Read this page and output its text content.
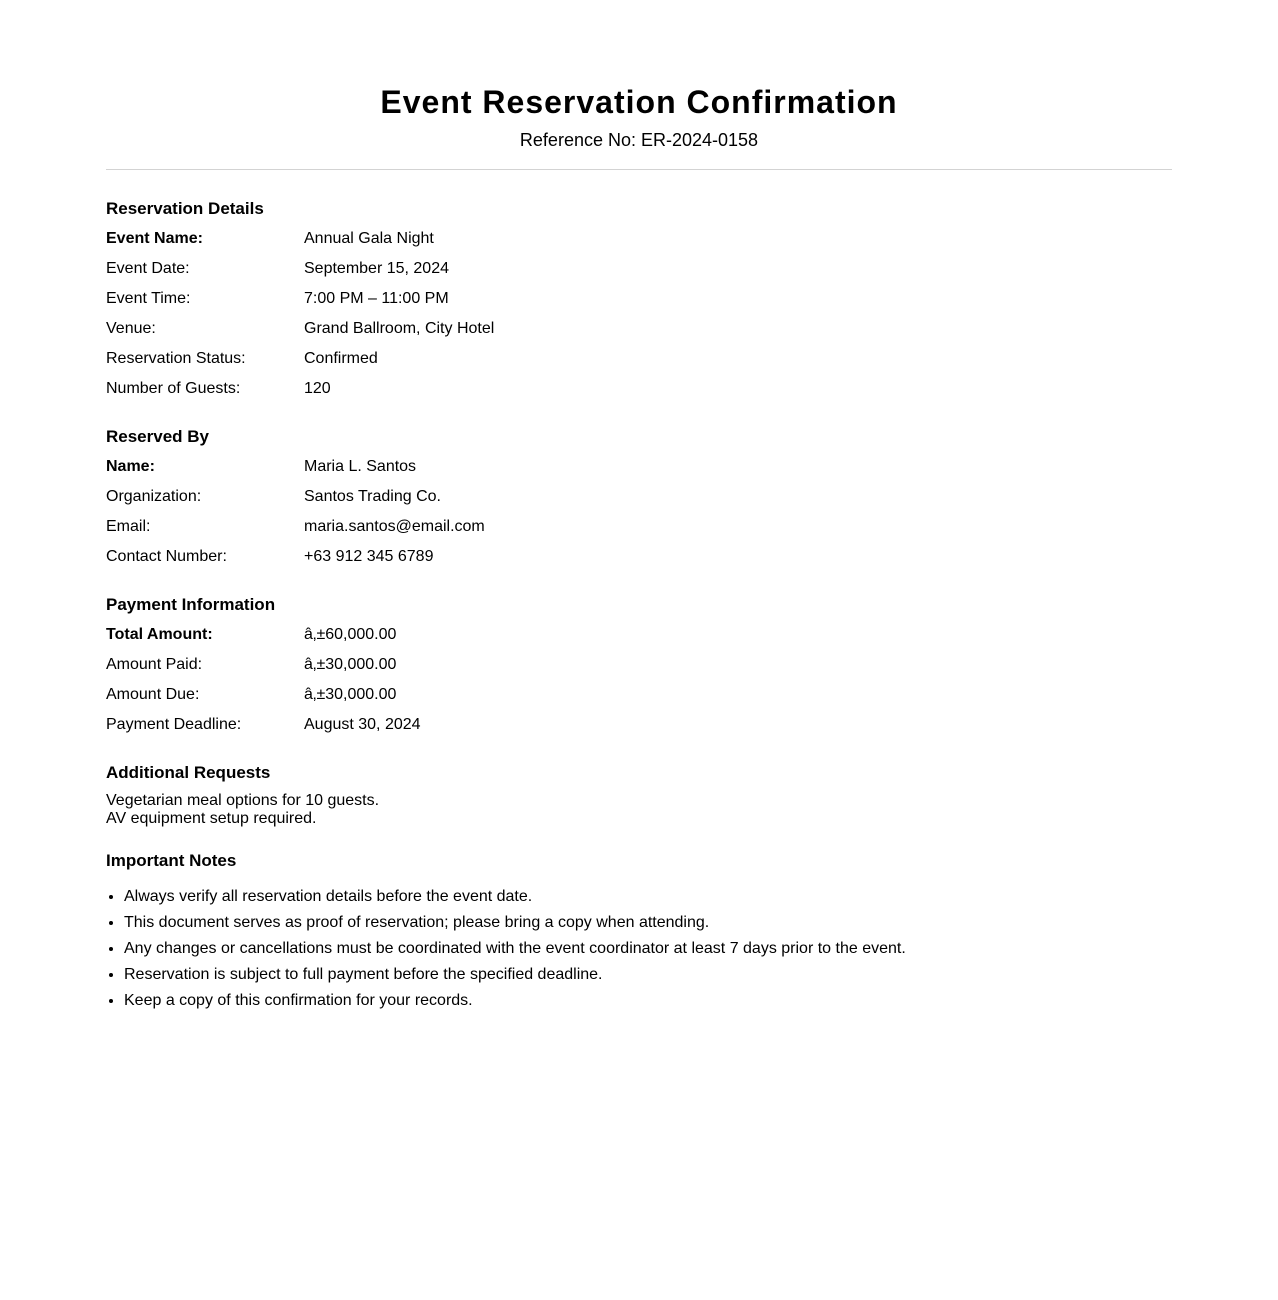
Event Reservation Confirmation
Reference No: ER-2024-0158
Reservation Details
Event Name:	Annual Gala Night
Event Date:	September 15, 2024
Event Time:	7:00 PM – 11:00 PM
Venue:	Grand Ballroom, City Hotel
Reservation Status:	Confirmed
Number of Guests:	120
Reserved By
Name:	Maria L. Santos
Organization:	Santos Trading Co.
Email:	maria.santos@email.com
Contact Number:	+63 912 345 6789
Payment Information
Total Amount:	â‚±60,000.00
Amount Paid:	â‚±30,000.00
Amount Due:	â‚±30,000.00
Payment Deadline:	August 30, 2024
Additional Requests
Vegetarian meal options for 10 guests.
AV equipment setup required.
Important Notes
• Always verify all reservation details before the event date.
• This document serves as proof of reservation; please bring a copy when attending.
• Any changes or cancellations must be coordinated with the event coordinator at least 7 days prior to the event.
• Reservation is subject to full payment before the specified deadline.
• Keep a copy of this confirmation for your records.
